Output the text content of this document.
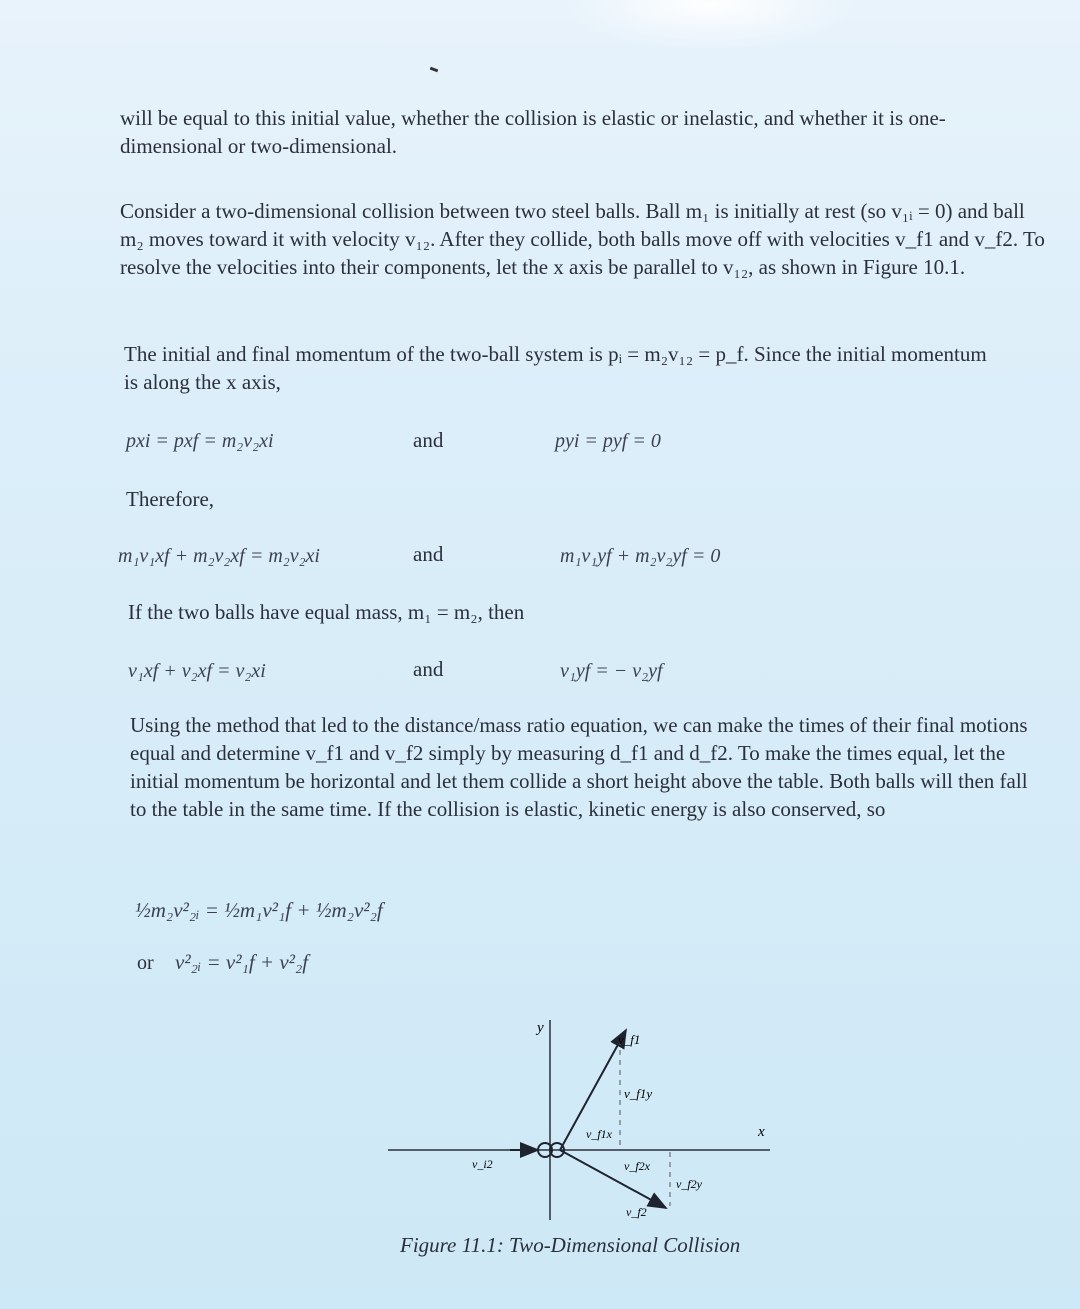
will be equal to this initial value, whether the collision is elastic or inelastic, and whether it is one-dimensional or two-dimensional.

Consider a two-dimensional collision between two steel balls. Ball m₁ is initially at rest (so v₁ᵢ = 0) and ball m₂ moves toward it with velocity v₁₂. After they collide, both balls move off with velocities v_f1 and v_f2. To resolve the velocities into their components, let the x axis be parallel to v₁₂, as shown in Figure 10.1.

The initial and final momentum of the two-ball system is pᵢ = m₂v₁₂ = p_f. Since the initial momentum is along the x axis,

pxi = pxf = m₂v₂xi	and	pyi = pyf = 0
Therefore,
m₁v₁xf + m₂v₂xf = m₂v₂xi	and	m₁v₁yf + m₂v₂yf = 0
If the two balls have equal mass, m₁ = m₂, then
v₁xf + v₂xf = v₂xi	and	v₁yf = − v₂yf

Using the method that led to the distance/mass ratio equation, we can make the times of their final motions equal and determine v_f1 and v_f2 simply by measuring d_f1 and d_f2. To make the times equal, let the initial momentum be horizontal and let them collide a short height above the table. Both balls will then fall to the table in the same time. If the collision is elastic, kinetic energy is also conserved, so

½m₂v²₂ᵢ = ½m₁v²₁f + ½m₂v²₂f
or v²₂ᵢ = v²₁f + v²₂f
y
x
v_f1
v_f1y
v_f1x
v_f2x
v_f2y
v_f2
v_i2
Figure 11.1: Two-Dimensional Collision
